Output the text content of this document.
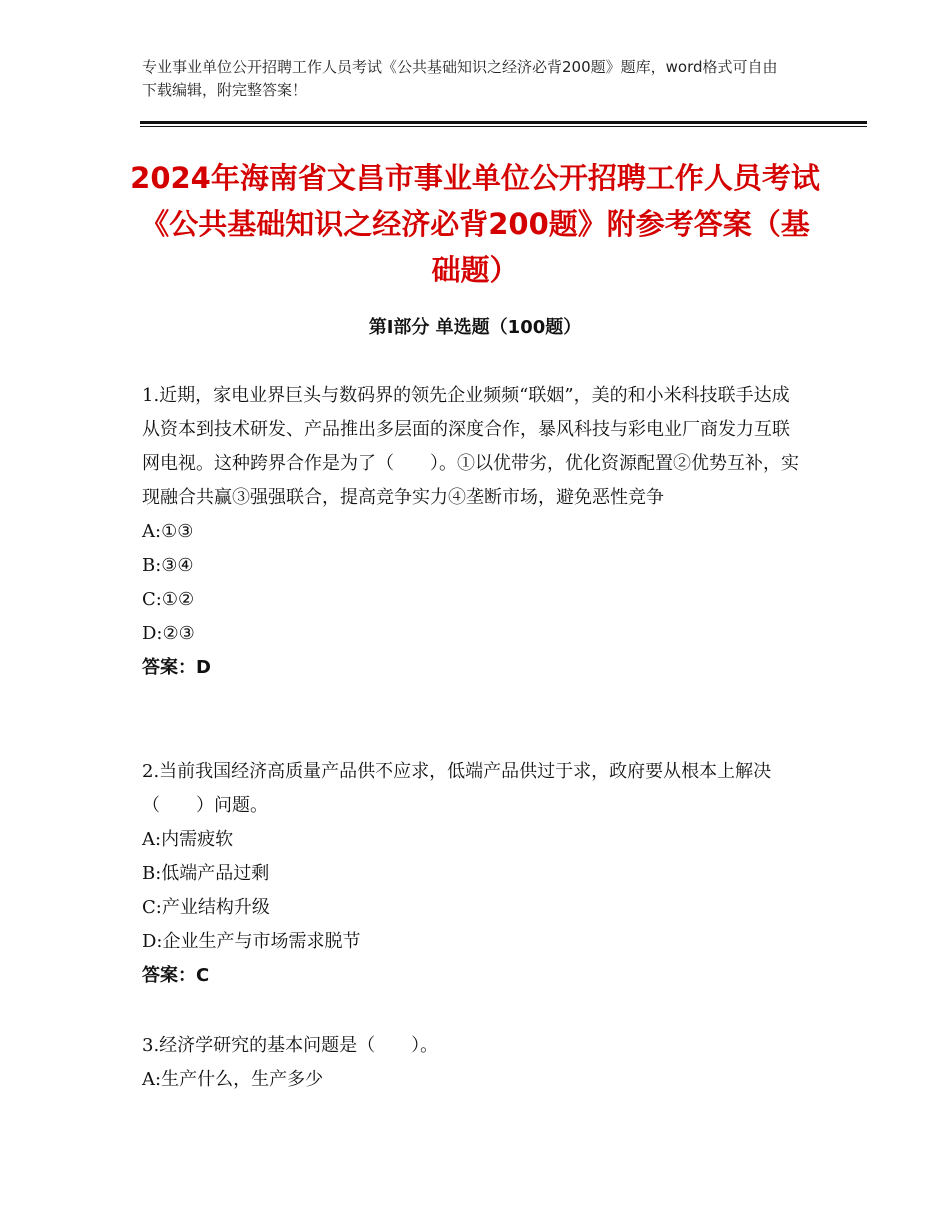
专业事业单位公开招聘工作人员考试《公共基础知识之经济必背200题》题库，word格式可自由下载编辑，附完整答案！
2024年海南省文昌市事业单位公开招聘工作人员考试《公共基础知识之经济必背200题》附参考答案（基础题）
第I部分 单选题（100题）

1.近期，家电业界巨头与数码界的领先企业频频“联姻”，美的和小米科技联手达成从资本到技术研发、产品推出多层面的深度合作，暴风科技与彩电业厂商发力互联网电视。这种跨界合作是为了（　　）。①以优带劣，优化资源配置②优势互补，实现融合共赢③强强联合，提高竞争实力④垄断市场，避免恶性竞争

A:①③
B:③④
C:①②
D:②③
答案：D

2.当前我国经济高质量产品供不应求，低端产品供过于求，政府要从根本上解决（　　）问题。

A:内需疲软
B:低端产品过剩
C:产业结构升级
D:企业生产与市场需求脱节
答案：C

3.经济学研究的基本问题是（　　）。

A:生产什么，生产多少
